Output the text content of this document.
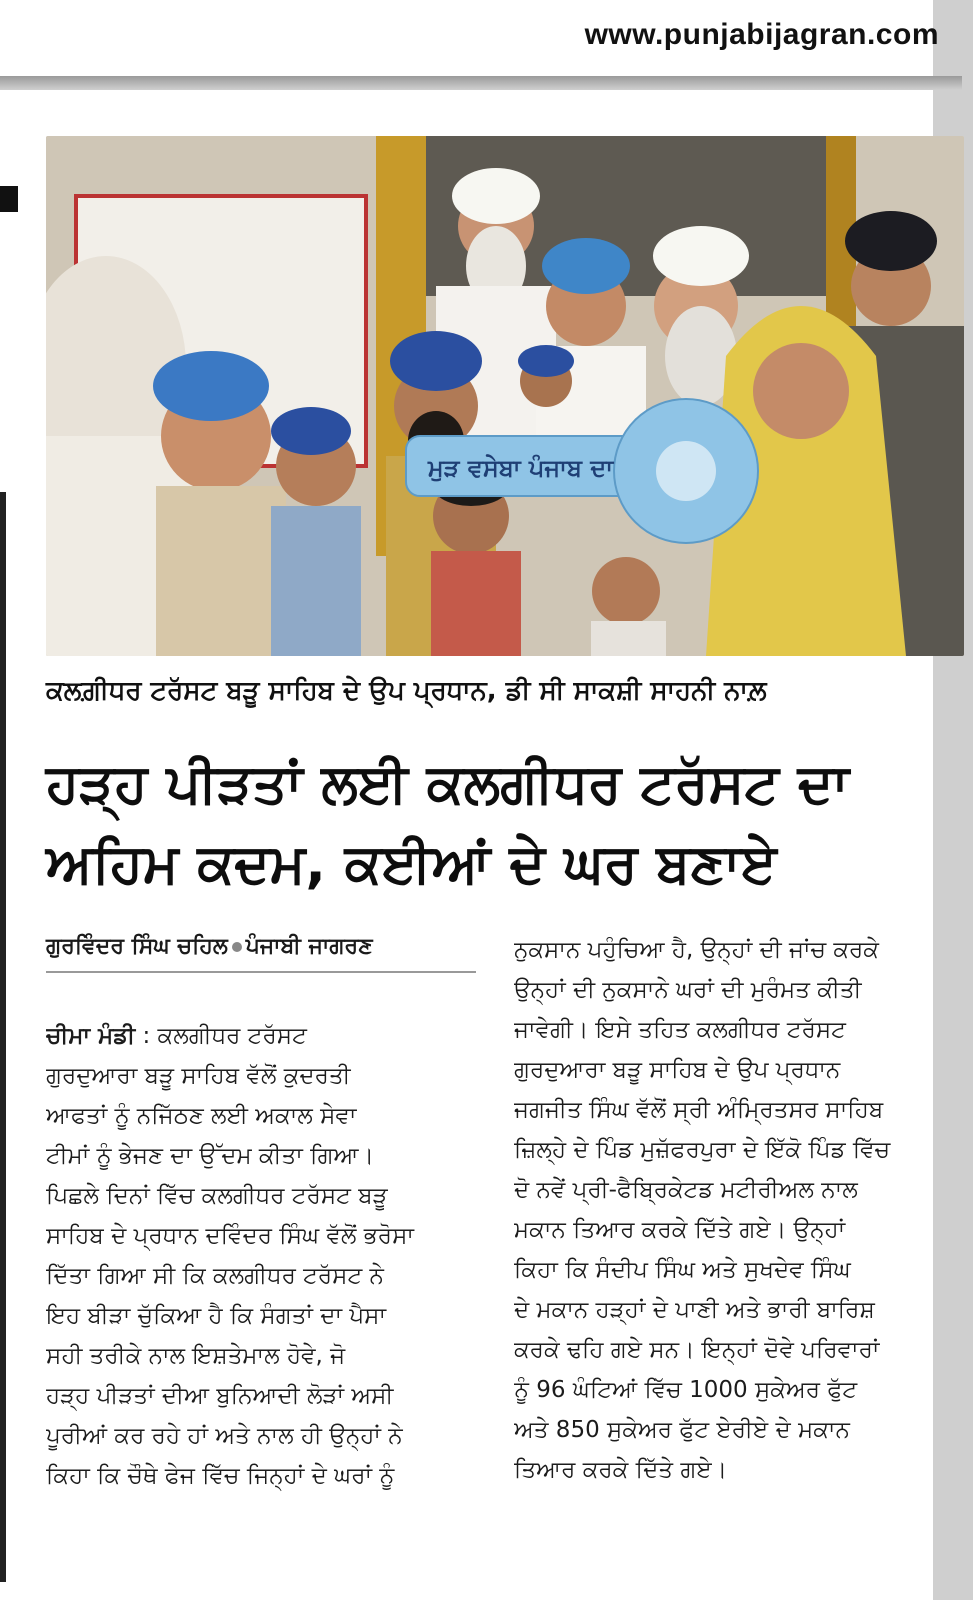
www.punjabijagran.com
ਮੁੜ ਵਸੇਬਾ ਪੰਜਾਬ ਦਾ
ਕਲਗ਼ੀਧਰ ਟਰੱਸਟ ਬੜੂ ਸਾਹਿਬ ਦੇ ਉਪ ਪ੍ਰਧਾਨ, ਡੀ ਸੀ ਸਾਕਸ਼ੀ ਸਾਹਨੀ ਨਾਲ਼
ਹੜ੍ਹ ਪੀੜਤਾਂ ਲਈ ਕਲਗੀਧਰ ਟਰੱਸਟ ਦਾ
ਅਹਿਮ ਕਦਮ, ਕਈਆਂ ਦੇ ਘਰ ਬਣਾਏ
ਗੁਰਵਿੰਦਰ ਸਿੰਘ ਚਹਿਲ ਪੰਜਾਬੀ ਜਾਗਰਣ
ਚੀਮਾ ਮੰਡੀ : ਕਲਗੀਧਰ ਟਰੱਸਟ
ਗੁਰਦੁਆਰਾ ਬੜੂ ਸਾਹਿਬ ਵੱਲੋਂ ਕੁਦਰਤੀ
ਆਫਤਾਂ ਨੂੰ ਨਜਿੱਠਣ ਲਈ ਅਕਾਲ ਸੇਵਾ
ਟੀਮਾਂ ਨੂੰ ਭੇਜਣ ਦਾ ਉੱਦਮ ਕੀਤਾ ਗਿਆ।
ਪਿਛਲੇ ਦਿਨਾਂ ਵਿੱਚ ਕਲਗੀਧਰ ਟਰੱਸਟ ਬੜੂ
ਸਾਹਿਬ ਦੇ ਪ੍ਰਧਾਨ ਦਵਿੰਦਰ ਸਿੰਘ ਵੱਲੋਂ ਭਰੋਸਾ
ਦਿੱਤਾ ਗਿਆ ਸੀ ਕਿ ਕਲਗੀਧਰ ਟਰੱਸਟ ਨੇ
ਇਹ ਬੀੜਾ ਚੁੱਕਿਆ ਹੈ ਕਿ ਸੰਗਤਾਂ ਦਾ ਪੈਸਾ
ਸਹੀ ਤਰੀਕੇ ਨਾਲ ਇਸ਼ਤੇਮਾਲ ਹੋਵੇ, ਜੋ
ਹੜ੍ਹ ਪੀੜਤਾਂ ਦੀਆ ਬੁਨਿਆਦੀ ਲੋੜਾਂ ਅਸੀ
ਪੂਰੀਆਂ ਕਰ ਰਹੇ ਹਾਂ ਅਤੇ ਨਾਲ ਹੀ ਉਨ੍ਹਾਂ ਨੇ
ਕਿਹਾ ਕਿ ਚੌਥੇ ਫੇਜ ਵਿੱਚ ਜਿਨ੍ਹਾਂ ਦੇ ਘਰਾਂ ਨੂੰ
ਨੁਕਸਾਨ ਪਹੁੰਚਿਆ ਹੈ, ਉਨ੍ਹਾਂ ਦੀ ਜਾਂਚ ਕਰਕੇ
ਉਨ੍ਹਾਂ ਦੀ ਨੁਕਸਾਨੇ ਘਰਾਂ ਦੀ ਮੁਰੰਮਤ ਕੀਤੀ
ਜਾਵੇਗੀ। ਇਸੇ ਤਹਿਤ ਕਲਗੀਧਰ ਟਰੱਸਟ
ਗੁਰਦੁਆਰਾ ਬੜੂ ਸਾਹਿਬ ਦੇ ਉਪ ਪ੍ਰਧਾਨ
ਜਗਜੀਤ ਸਿੰਘ ਵੱਲੋਂ ਸ੍ਰੀ ਅੰਮ੍ਰਿਤਸਰ ਸਾਹਿਬ
ਜ਼ਿਲ੍ਹੇ ਦੇ ਪਿੰਡ ਮੁਜ਼ੱਫਰਪੁਰਾ ਦੇ ਇੱਕੋ ਪਿੰਡ ਵਿੱਚ
ਦੋ ਨਵੇਂ ਪ੍ਰੀ-ਫੈਬ੍ਰਿਕੇਟਡ ਮਟੀਰੀਅਲ ਨਾਲ
ਮਕਾਨ ਤਿਆਰ ਕਰਕੇ ਦਿੱਤੇ ਗਏ। ਉਨ੍ਹਾਂ
ਕਿਹਾ ਕਿ ਸੰਦੀਪ ਸਿੰਘ ਅਤੇ ਸੁਖਦੇਵ ਸਿੰਘ
ਦੇ ਮਕਾਨ ਹੜ੍ਹਾਂ ਦੇ ਪਾਣੀ ਅਤੇ ਭਾਰੀ ਬਾਰਿਸ਼
ਕਰਕੇ ਢਹਿ ਗਏ ਸਨ। ਇਨ੍ਹਾਂ ਦੋਵੇ ਪਰਿਵਾਰਾਂ
ਨੂੰ 96 ਘੰਟਿਆਂ ਵਿੱਚ 1000 ਸੁਕੇਅਰ ਫੁੱਟ
ਅਤੇ 850 ਸੁਕੇਅਰ ਫੁੱਟ ਏਰੀਏ ਦੇ ਮਕਾਨ
ਤਿਆਰ ਕਰਕੇ ਦਿੱਤੇ ਗਏ।
